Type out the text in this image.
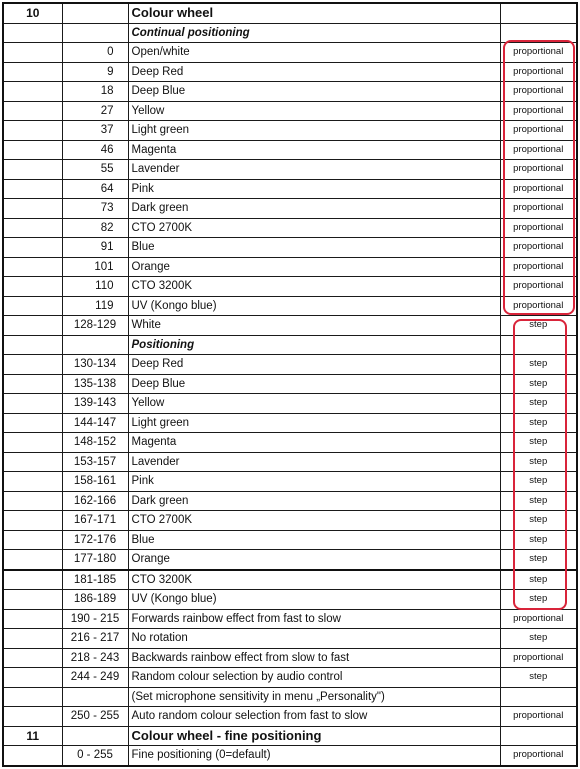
10		Colour wheel	
		Continual positioning	
	0	Open/white	proportional
	9	Deep Red	proportional
	18	Deep Blue	proportional
	27	Yellow	proportional
	37	Light green	proportional
	46	Magenta	proportional
	55	Lavender	proportional
	64	Pink	proportional
	73	Dark green	proportional
	82	CTO 2700K	proportional
	91	Blue	proportional
	101	Orange	proportional
	110	CTO 3200K	proportional
	119	UV (Kongo blue)	proportional
	128-129	White	step
		Positioning	
	130-134	Deep Red	step
	135-138	Deep Blue	step
	139-143	Yellow	step
	144-147	Light green	step
	148-152	Magenta	step
	153-157	Lavender	step
	158-161	Pink	step
	162-166	Dark green	step
	167-171	CTO 2700K	step
	172-176	Blue	step
	177-180	Orange	step
	181-185	CTO 3200K	step
	186-189	UV (Kongo blue)	step
	190 - 215	Forwards rainbow effect from fast to slow	proportional
	216 - 217	No rotation	step
	218 - 243	Backwards rainbow effect from slow to fast	proportional
	244 - 249	Random colour selection by audio control	step
		(Set microphone sensitivity in menu „Personality")	
	250 - 255	Auto random colour selection from fast to slow	proportional
11		Colour wheel - fine positioning	
	0 - 255	Fine positioning (0=default)	proportional
